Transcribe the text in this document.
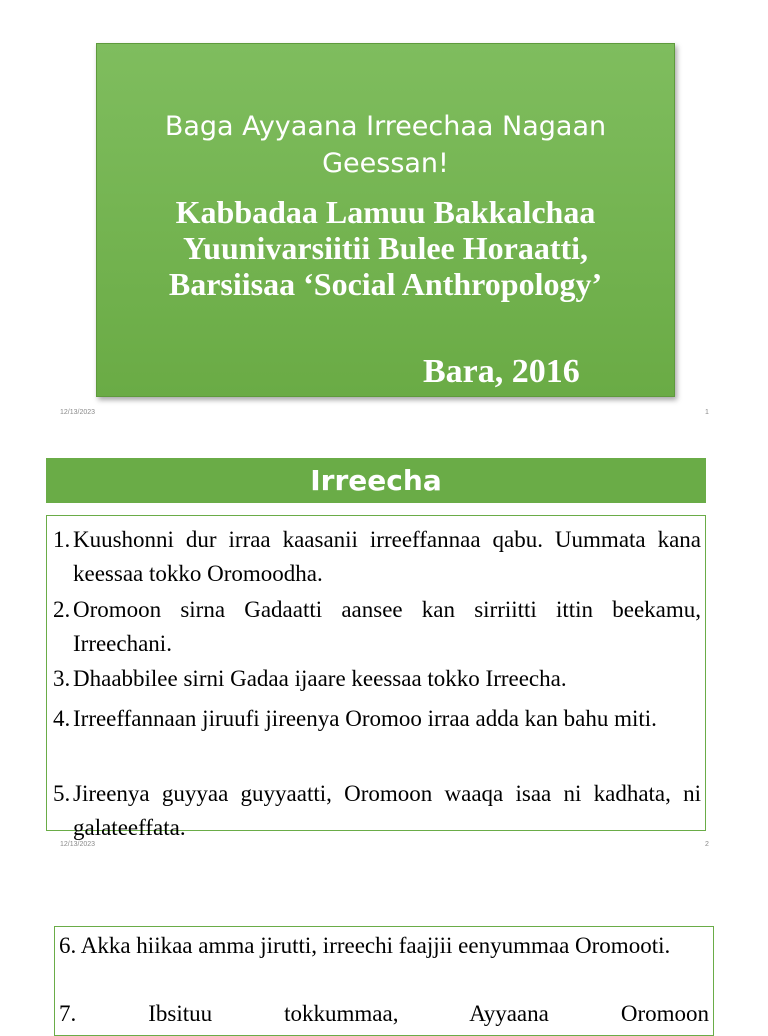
Baga Ayyaana Irreechaa Nagaan
Geessan!
Kabbadaa Lamuu Bakkalchaa
Yuunivarsiitii Bulee Horaatti,
Barsiisaa ‘Social Anthropology’
Bara, 2016
12/13/2023	1
Irreecha
1. Kuushonni dur irraa kaasanii irreeffannaa qabu. Uummata kana keessaa tokko Oromoodha.
2. Oromoon sirna Gadaatti aansee kan sirriitti ittin beekamu, Irreechani.
3. Dhaabbilee sirni Gadaa ijaare keessaa tokko Irreecha.
4. Irreeffannaan jiruufi jireenya Oromoo irraa adda kan bahu miti.
5. Jireenya guyyaa guyyaatti, Oromoon waaqa isaa ni kadhata, ni galateeffata.
12/13/2023	2
6. Akka hiikaa amma jirutti, irreechi faajjii eenyummaa Oromooti.
7. Ibsituu tokkummaa, Ayyaana Oromoon
